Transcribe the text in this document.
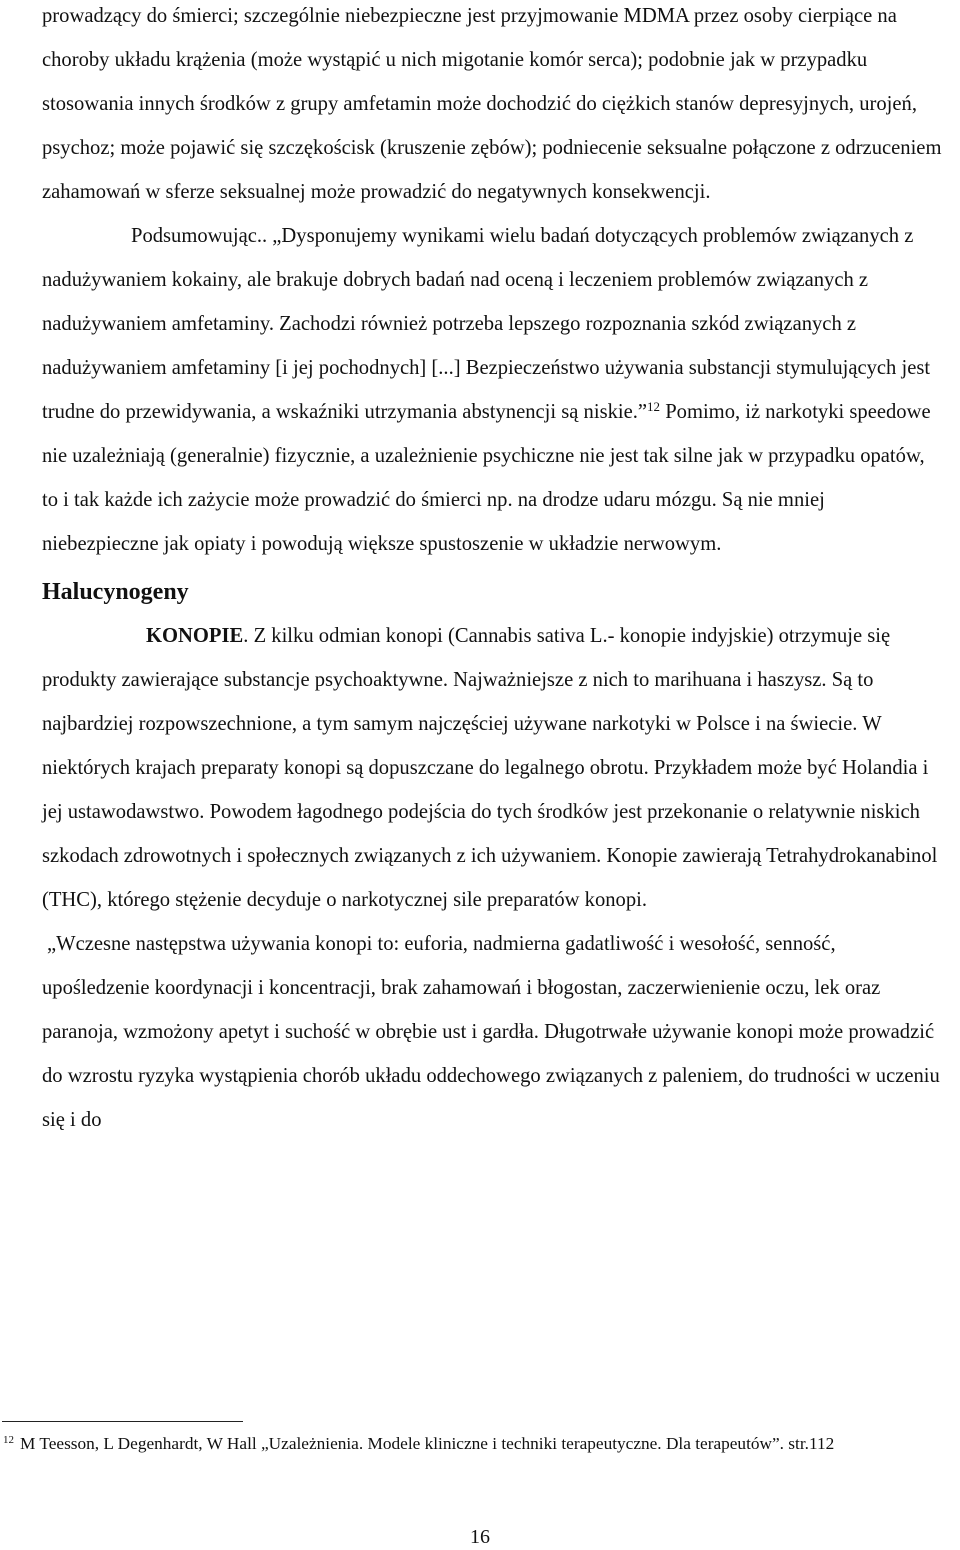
prowadzący do śmierci; szczególnie niebezpieczne jest przyjmowanie MDMA przez osoby cierpiące na choroby układu krążenia (może wystąpić u nich migotanie komór serca); podobnie jak w przypadku stosowania innych środków z grupy amfetamin może dochodzić do ciężkich stanów depresyjnych, urojeń, psychoz; może pojawić się szczękościsk (kruszenie zębów); podniecenie seksualne połączone z odrzuceniem zahamowań w sferze seksualnej może prowadzić do negatywnych konsekwencji.

Podsumowując.. „Dysponujemy wynikami wielu badań dotyczących problemów związanych z nadużywaniem kokainy, ale brakuje dobrych badań nad oceną i leczeniem problemów związanych z nadużywaniem amfetaminy. Zachodzi również potrzeba lepszego rozpoznania szkód związanych z nadużywaniem amfetaminy [i jej pochodnych] [...] Bezpieczeństwo używania substancji stymulujących jest trudne do przewidywania, a wskaźniki utrzymania abstynencji są niskie.”$^{12}$ Pomimo, iż narkotyki speedowe nie uzależniają (generalnie) fizycznie, a uzależnienie psychiczne nie jest tak silne jak w przypadku opatów, to i tak każde ich zażycie może prowadzić do śmierci np. na drodze udaru mózgu. Są nie mniej niebezpieczne jak opiaty i powodują większe spustoszenie w układzie nerwowym.

Halucynogeny

KONOPIE. Z kilku odmian konopi (Cannabis sativa L.- konopie indyjskie) otrzymuje się produkty zawierające substancje psychoaktywne. Najważniejsze z nich to marihuana i haszysz. Są to najbardziej rozpowszechnione, a tym samym najczęściej używane narkotyki w Polsce i na świecie. W niektórych krajach preparaty konopi są dopuszczane do legalnego obrotu. Przykładem może być Holandia i jej ustawodawstwo. Powodem łagodnego podejścia do tych środków jest przekonanie o relatywnie niskich szkodach zdrowotnych i społecznych związanych z ich używaniem. Konopie zawierają Tetrahydrokanabinol (THC), którego stężenie decyduje o narkotycznej sile preparatów konopi.

„Wczesne następstwa używania konopi to: euforia, nadmierna gadatliwość i wesołość, senność, upośledzenie koordynacji i koncentracji, brak zahamowań i błogostan, zaczerwienienie oczu, lek oraz paranoja, wzmożony apetyt i suchość w obrębie ust i gardła. Długotrwałe używanie konopi może prowadzić do wzrostu ryzyka wystąpienia chorób układu oddechowego związanych z paleniem, do trudności w uczeniu się i do

$^{12}$ M Teesson, L Degenhardt, W Hall „Uzależnienia. Modele kliniczne i techniki terapeutyczne. Dla terapeutów”. str.112

16
